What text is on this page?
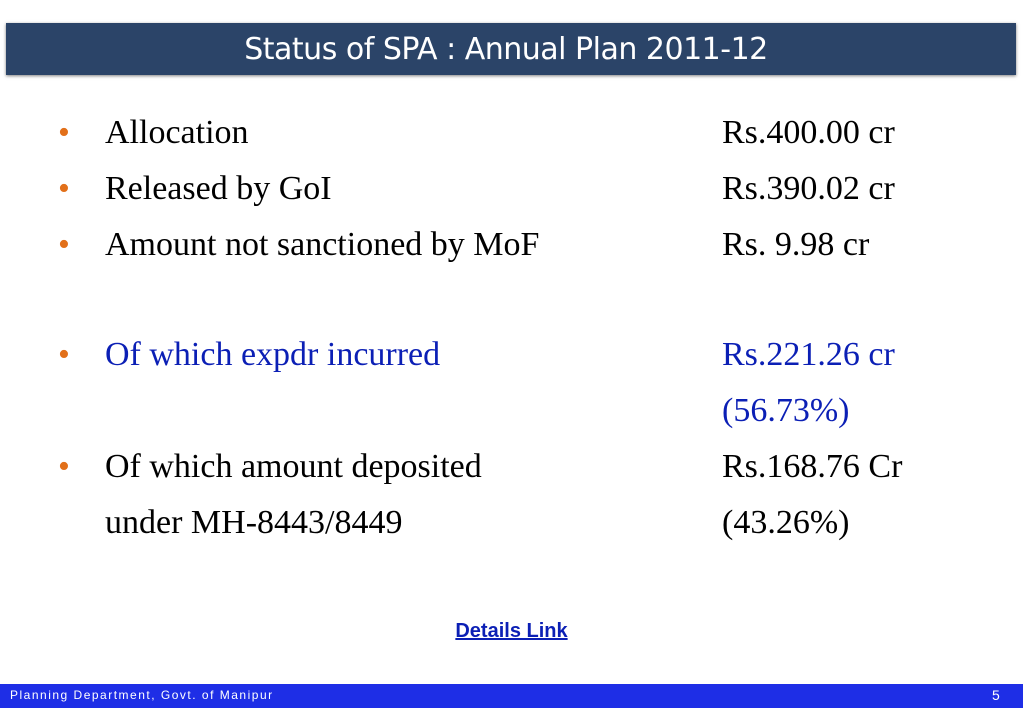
Status of SPA : Annual Plan 2011-12
• Allocation	Rs.400.00 cr
• Released by GoI	Rs.390.02 cr
• Amount not sanctioned by MoF	Rs. 9.98 cr
• Of which expdr incurred	Rs.221.26 cr
(56.73%)
• Of which amount deposited	Rs.168.76 Cr
under MH-8443/8449	(43.26%)
Details Link
Planning Department, Govt. of Manipur	5
